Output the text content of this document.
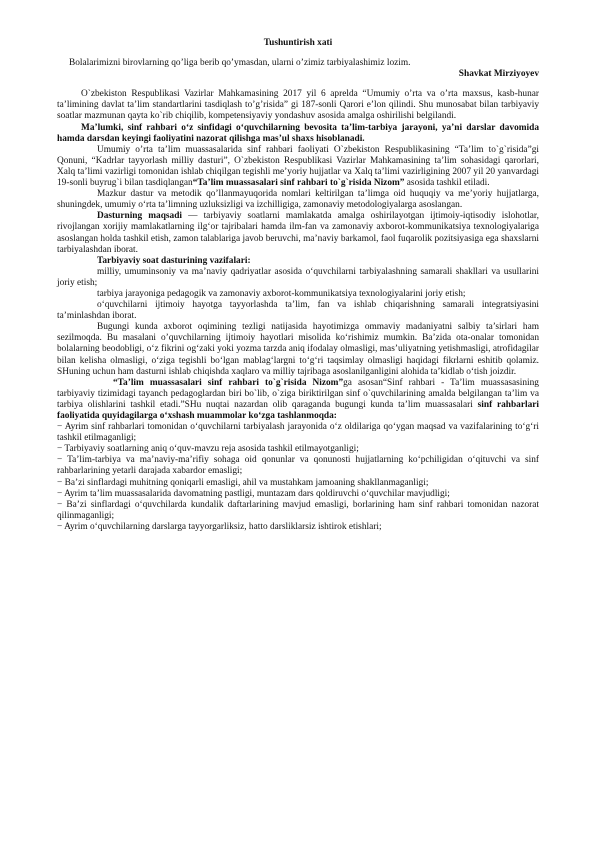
Tushuntirish xati

Bolalarimizni birovlarning qo’liga berib qo’ymasdan, ularni o’zimiz tarbiyalashimiz lozim.

Shavkat Mirziyoyev

O`zbekiston Respublikasi Vazirlar Mahkamasining 2017 yil 6 aprelda “Umumiy o’rta va o’rta maxsus, kasb-hunar ta’limining davlat ta’lim standartlarini tasdiqlash to’g’risida” gi 187-sonli Qarori e’lon qilindi. Shu munosabat bilan tarbiyaviy soatlar mazmunan qayta ko`rib chiqilib, kompetensiyaviy yondashuv asosida amalga oshirilishi belgilandi.

Ma’lumki, sinf rahbari o‘z sinfidagi o‘quvchilarning bevosita ta’lim-tarbiya jarayoni, ya’ni darslar davomida hamda darsdan keyingi faoliyatini nazorat qilishga mas’ul shaxs hisoblanadi.

Umumiy o’rta ta’lim muassasalarida sinf rahbari faoliyati O`zbekiston Respublikasining “Ta’lim to`g`risida”gi Qonuni, “Kadrlar tayyorlash milliy dasturi”, O`zbekiston Respublikasi Vazirlar Mahkamasining ta’lim sohasidagi qarorlari, Xalq ta’limi vazirligi tomonidan ishlab chiqilgan tegishli me’yoriy hujjatlar va Xalq ta’limi vazirligining 2007 yil 20 yanvardagi 19-sonli buyrug`i bilan tasdiqlangan“Ta’lim muassasalari sinf rahbari to`g`risida Nizom” asosida tashkil etiladi.

Mazkur dastur va metodik qo’llanmayuqorida nomlari keltirilgan ta’limga oid huquqiy va me’yoriy hujjatlarga, shuningdek, umumiy o‘rta ta’limning uzluksizligi va izchilligiga, zamonaviy metodologiyalarga asoslangan.

Dasturning maqsadi — tarbiyaviy soatlarni mamlakatda amalga oshirilayotgan ijtimoiy-iqtisodiy islohotlar, rivojlangan xorijiy mamlakatlarning ilg‘or tajribalari hamda ilm-fan va zamonaviy axborot-kommunikatsiya texnologiyalariga asoslangan holda tashkil etish, zamon talablariga javob beruvchi, ma’naviy barkamol, faol fuqarolik pozitsiyasiga ega shaxslarni tarbiyalashdan iborat.

Tarbiyaviy soat dasturining vazifalari:

milliy, umuminsoniy va ma’naviy qadriyatlar asosida o‘quvchilarni tarbiyalashning samarali shakllari va usullarini joriy etish;

tarbiya jarayoniga pedagogik va zamonaviy axborot-kommunikatsiya texnologiyalarini joriy etish;

o‘quvchilarni ijtimoiy hayotga tayyorlashda ta’lim, fan va ishlab chiqarishning samarali integratsiyasini ta’minlashdan iborat.

Bugungi kunda axborot oqimining tezligi natijasida hayotimizga ommaviy madaniyatni salbiy ta’sirlari ham sezilmoqda. Bu masalani o’quvchilarning ijtimoiy hayotlari misolida ko‘rishimiz mumkin. Ba’zida ota-onalar tomonidan bolalarning beodobligi, o‘z fikrini og‘zaki yoki yozma tarzda aniq ifodalay olmasligi, mas’uliyatning yetishmasligi, atrofidagilar bilan kelisha olmasligi, o‘ziga tegishli bo‘lgan mablag‘largni to‘g‘ri taqsimlay olmasligi haqidagi fikrlarni eshitib qolamiz. SHuning uchun ham dasturni ishlab chiqishda xaqlaro va milliy tajribaga asoslanilganligini alohida ta’kidlab o‘tish joizdir.

“Ta’lim muassasalari sinf rahbari to`g`risida Nizom”ga asosan“Sinf rahbari - Ta’lim muassasasining tarbiyaviy tizimidagi tayanch pedagoglardan biri bo`lib, o`ziga biriktirilgan sinf o`quvchilarining amalda belgilangan ta’lim va tarbiya olishlarini tashkil etadi.”SHu nuqtai nazardan olib qaraganda bugungi kunda ta’lim muassasalari sinf rahbarlari faoliyatida quyidagilarga o‘xshash muammolar ko‘zga tashlanmoqda:

− Ayrim sinf rahbarlari tomonidan o‘quvchilarni tarbiyalash jarayonida o‘z oldilariga qo‘ygan maqsad va vazifalarining to‘g‘ri tashkil etilmaganligi;

− Tarbiyaviy soatlarning aniq o‘quv-mavzu reja asosida tashkil etilmayotganligi;

− Ta’lim-tarbiya va ma’naviy-ma’rifiy sohaga oid qonunlar va qonunosti hujjatlarning ko‘pchiligidan o‘qituvchi va sinf rahbarlarining yetarli darajada xabardor emasligi;

− Ba’zi sinflardagi muhitning qoniqarli emasligi, ahil va mustahkam jamoaning shakllanmaganligi;

− Ayrim ta’lim muassasalarida davomatning pastligi, muntazam dars qoldiruvchi o‘quvchilar mavjudligi;

− Ba’zi sinflardagi o‘quvchilarda kundalik daftarlarining mavjud emasligi, borlarining ham sinf rahbari tomonidan nazorat qilinmaganligi;

− Ayrim o‘quvchilarning darslarga tayyorgarliksiz, hatto darsliklarsiz ishtirok etishlari;
